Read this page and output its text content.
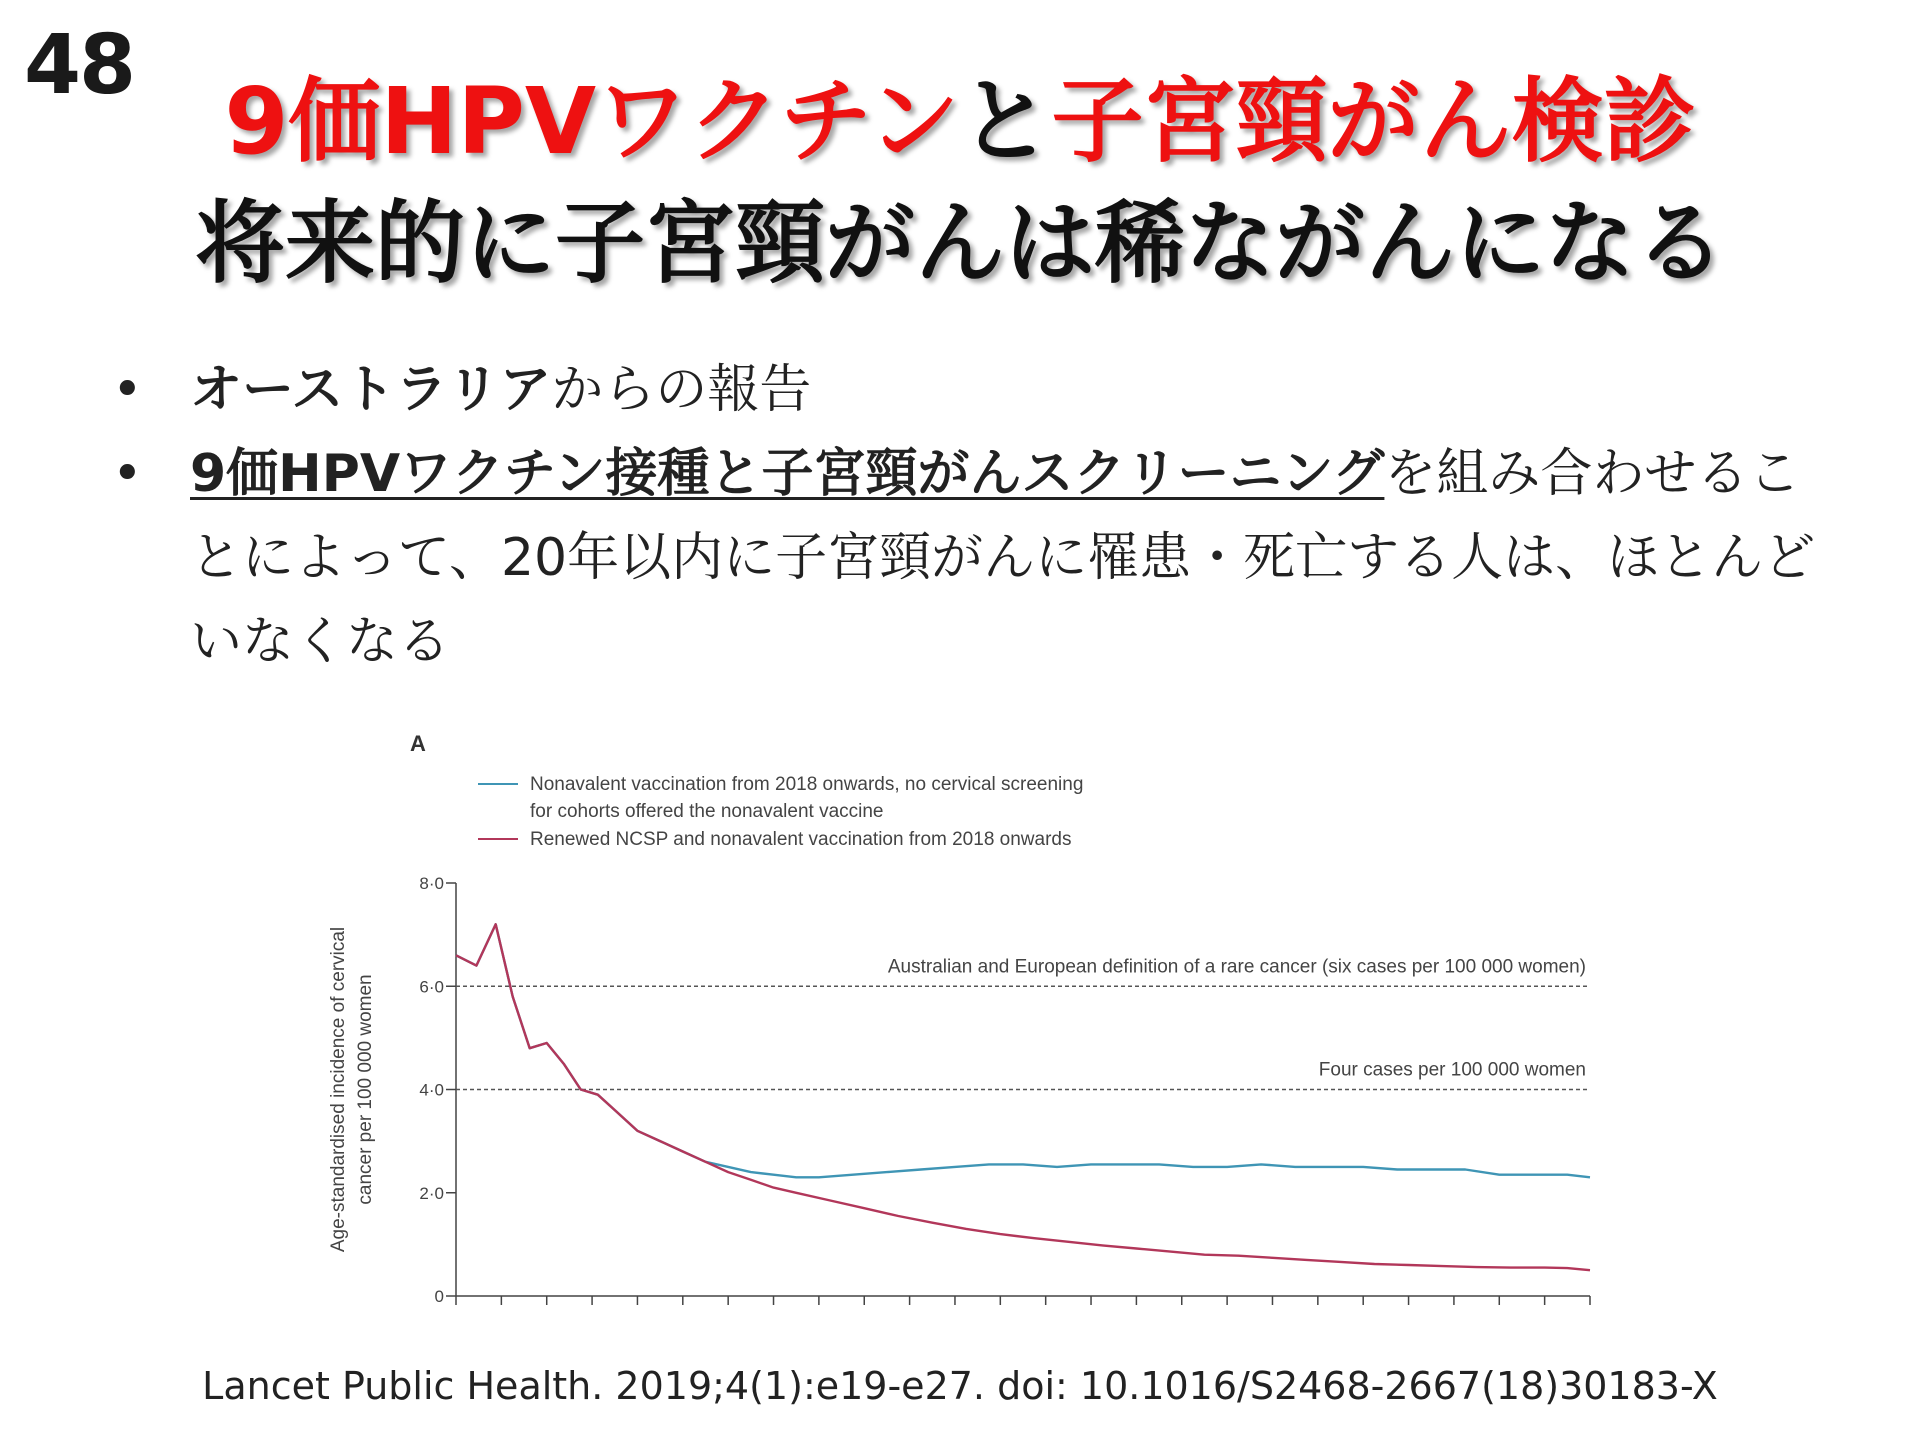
48
9価HPVワクチンと子宮頸がん検診
将来的に子宮頸がんは稀ながんになる
• オーストラリアからの報告
• 9価HPVワクチン接種と子宮頸がんスクリーニングを組み合わせることによって、20年以内に子宮頸がんに罹患・死亡する人は、ほとんどいなくなる
A
Nonavalent vaccination from 2018 onwards, no cervical screening
for cohorts offered the nonavalent vaccine
Renewed NCSP and nonavalent vaccination from 2018 onwards
0
2·0
4·0
6·0
8·0
Australian and European definition of a rare cancer (six cases per 100 000 women)
Four cases per 100 000 women
Age-standardised incidence of cervical cancer per 100 000 women
Lancet Public Health. 2019;4(1):e19-e27. doi: 10.1016/S2468-2667(18)30183-X
